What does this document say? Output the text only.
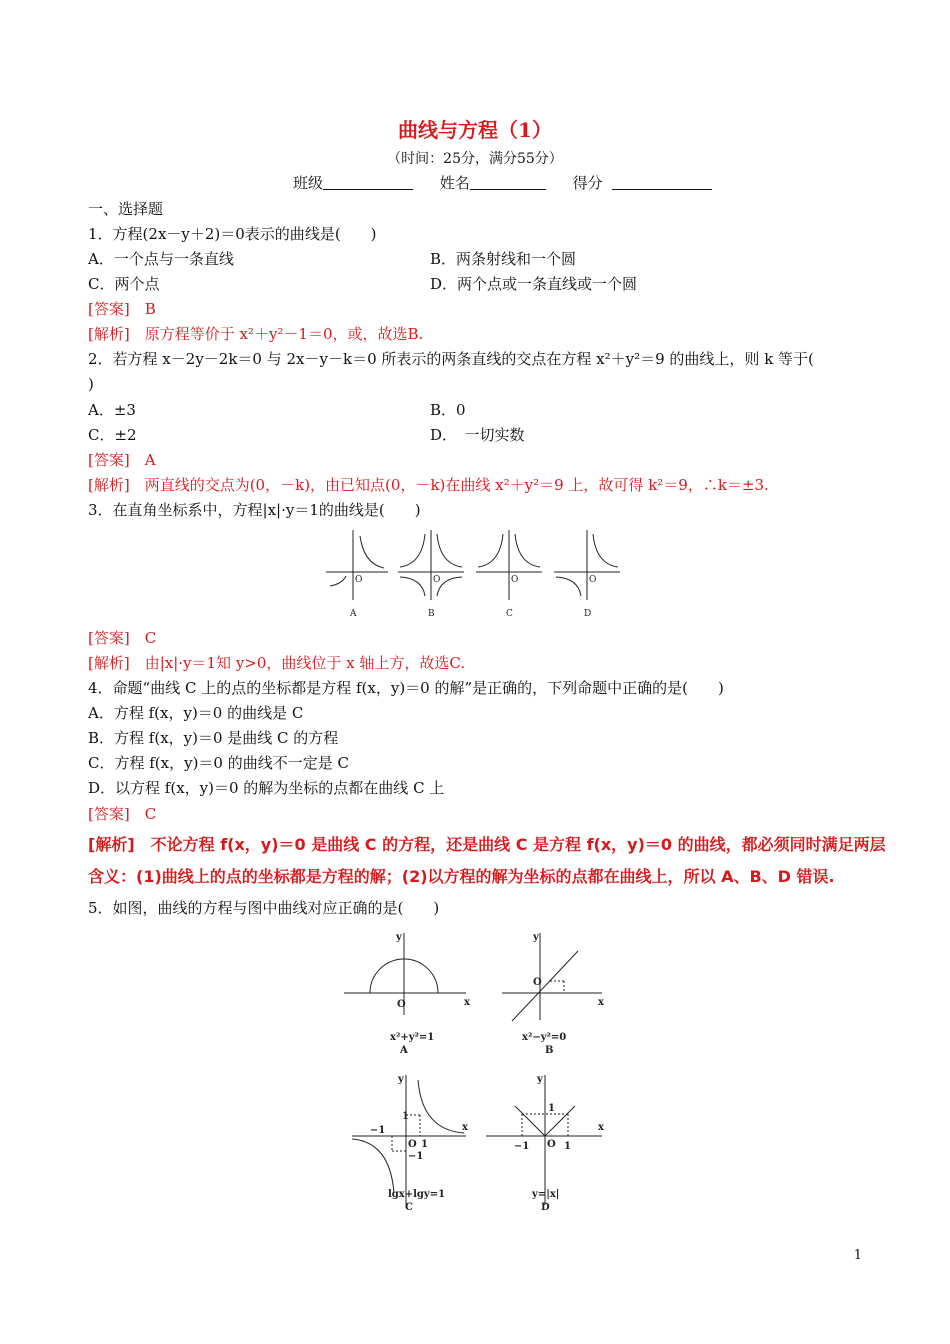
曲线与方程（1）
（时间：25分，满分55分）
班级	姓名	得分
一、选择题
1．方程(2x－y＋2)＝0表示的曲线是(　　)
A．一个点与一条直线	B．两条射线和一个圆
C．两个点	D．两个点或一条直线或一个圆
[答案]　B
[解析]　原方程等价于 x²＋y²－1＝0，或，故选B.
2．若方程 x－2y－2k＝0 与 2x－y－k＝0 所表示的两条直线的交点在方程 x²＋y²＝9 的曲线上，则 k 等于(
)
A．±3	B．0
C．±2	D．　一切实数
[答案]　A
[解析]　两直线的交点为(0，－k)，由已知点(0，－k)在曲线 x²＋y²＝9 上，故可得 k²＝9，∴k＝±3.
3．在直角坐标系中，方程|x|·y＝1的曲线是(　　)
O	O	O	O
A	B	C	D
[答案]　C
[解析]　由|x|·y＝1知 y>0，曲线位于 x 轴上方，故选C.
4．命题“曲线 C 上的点的坐标都是方程 f(x，y)＝0 的解”是正确的，下列命题中正确的是(　　)
A．方程 f(x，y)＝0 的曲线是 C
B．方程 f(x，y)＝0 是曲线 C 的方程
C．方程 f(x，y)＝0 的曲线不一定是 C
D．以方程 f(x，y)＝0 的解为坐标的点都在曲线 C 上
[答案]　C
[解析]　不论方程 f(x，y)＝0 是曲线 C 的方程，还是曲线 C 是方程 f(x，y)＝0 的曲线，都必须同时满足两层
含义：(1)曲线上的点的坐标都是方程的解；(2)以方程的解为坐标的点都在曲线上，所以 A、B、D 错误.
5．如图，曲线的方程与图中曲线对应正确的是(　　)
y
x
O
x²+y²=1
A
y
x
O
x²−y²=0
B
y
x
O
1
1
−1
−1
lgx+lgy=1
C
y
x
O
1
1
−1
y=|x|
D
1
